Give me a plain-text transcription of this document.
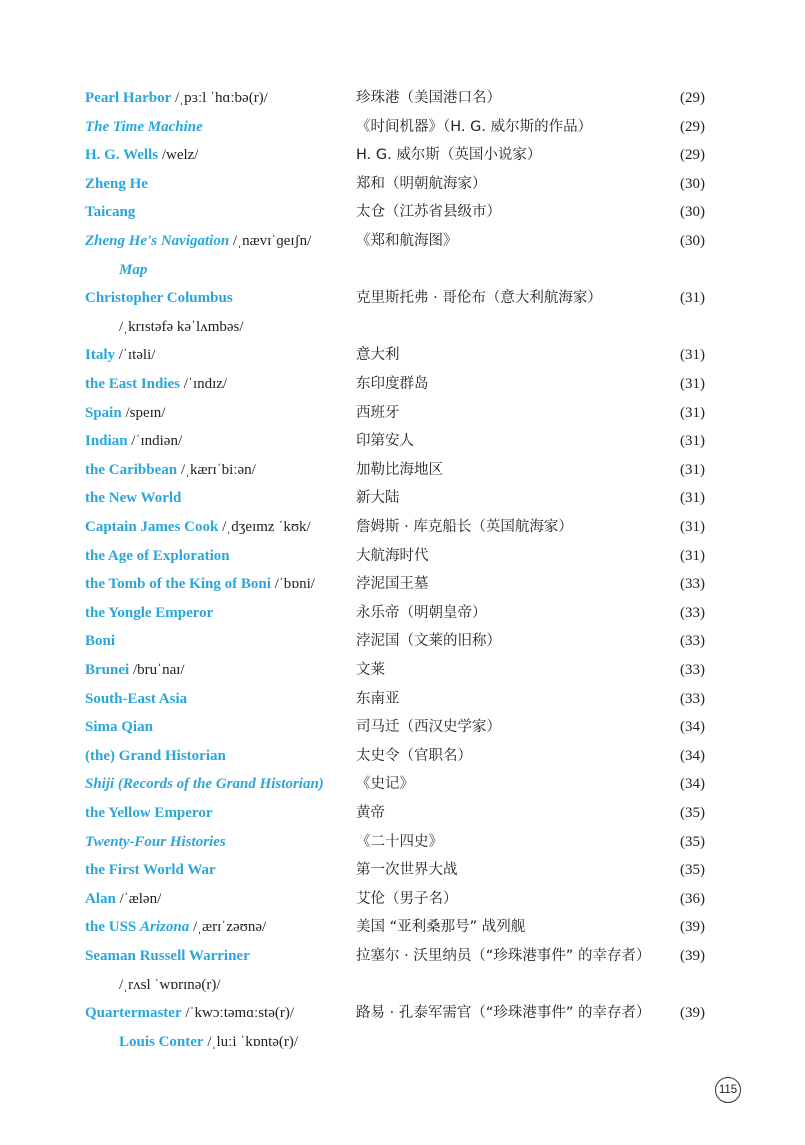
Pearl Harbor /ˌpɜːl ˈhɑːbə(r)/	珍珠港（美国港口名）	(29)
The Time Machine	《时间机器》（H. G. 威尔斯的作品）	(29)
H. G. Wells /welz/	H. G. 威尔斯（英国小说家）	(29)
Zheng He	郑和（明朝航海家）	(30)
Taicang	太仓（江苏省县级市）	(30)
Zheng He's Navigation /ˌnævɪˈɡeɪʃn/	《郑和航海图》	(30)
Map
Christopher Columbus	克里斯托弗 · 哥伦布（意大利航海家）	(31)
/ˌkrɪstəfə kəˈlʌmbəs/
Italy /ˈɪtəli/	意大利	(31)
the East Indies /ˈɪndɪz/	东印度群岛	(31)
Spain /speɪn/	西班牙	(31)
Indian /ˈɪndiən/	印第安人	(31)
the Caribbean /ˌkærɪˈbiːən/	加勒比海地区	(31)
the New World	新大陆	(31)
Captain James Cook /ˌdʒeɪmz ˈkʊk/	詹姆斯 · 库克船长（英国航海家）	(31)
the Age of Exploration	大航海时代	(31)
the Tomb of the King of Boni /ˈbɒni/	浡泥国王墓	(33)
the Yongle Emperor	永乐帝（明朝皇帝）	(33)
Boni	浡泥国（文莱的旧称）	(33)
Brunei /bruˈnaɪ/	文莱	(33)
South-East Asia	东南亚	(33)
Sima Qian	司马迁（西汉史学家）	(34)
(the) Grand Historian	太史令（官职名）	(34)
Shiji (Records of the Grand Historian) 《史记》	(34)
the Yellow Emperor	黄帝	(35)
Twenty-Four Histories	《二十四史》	(35)
the First World War	第一次世界大战	(35)
Alan /ˈælən/	艾伦（男子名）	(36)
the USS Arizona /ˌærɪˈzəʊnə/	美国 “亚利桑那号” 战列舰	(39)
Seaman Russell Warriner	拉塞尔 · 沃里纳员（“珍珠港事件” 的幸存者） (39)
/ˌrʌsl ˈwɒrɪnə(r)/
Quartermaster /ˈkwɔːtəmɑːstə(r)/	路易 · 孔泰军需官（“珍珠港事件” 的幸存者） (39)
Louis Conter /ˌluːi ˈkɒntə(r)/
115
